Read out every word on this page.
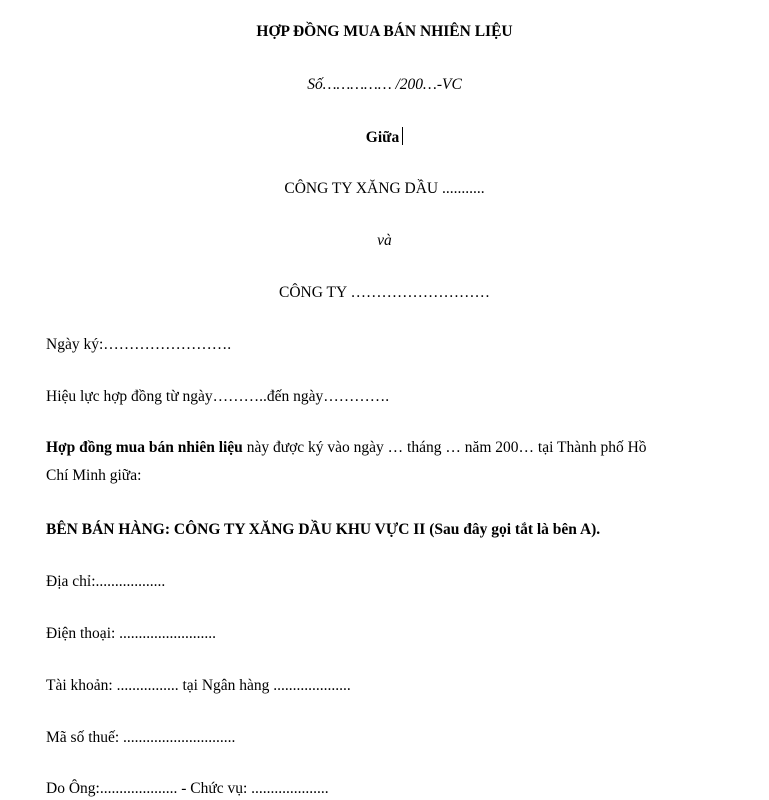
HỢP ĐỒNG MUA BÁN NHIÊN LIỆU
Số…………… /200…-VC
Giữa
CÔNG TY XĂNG DẦU ...........
và
CÔNG TY ………………………
Ngày ký:…………………….
Hiệu lực hợp đồng từ ngày………..đến ngày………….
Hợp đồng mua bán nhiên liệu này được ký vào ngày … tháng … năm 200… tại Thành phố Hồ
Chí Minh giữa:
BÊN BÁN HÀNG: CÔNG TY XĂNG DẦU KHU VỰC II (Sau đây gọi tắt là bên A).
Địa chỉ:..................
Điện thoại: .........................
Tài khoản: ................ tại Ngân hàng ....................
Mã số thuế: .............................
Do Ông:.................... - Chức vụ: ....................
